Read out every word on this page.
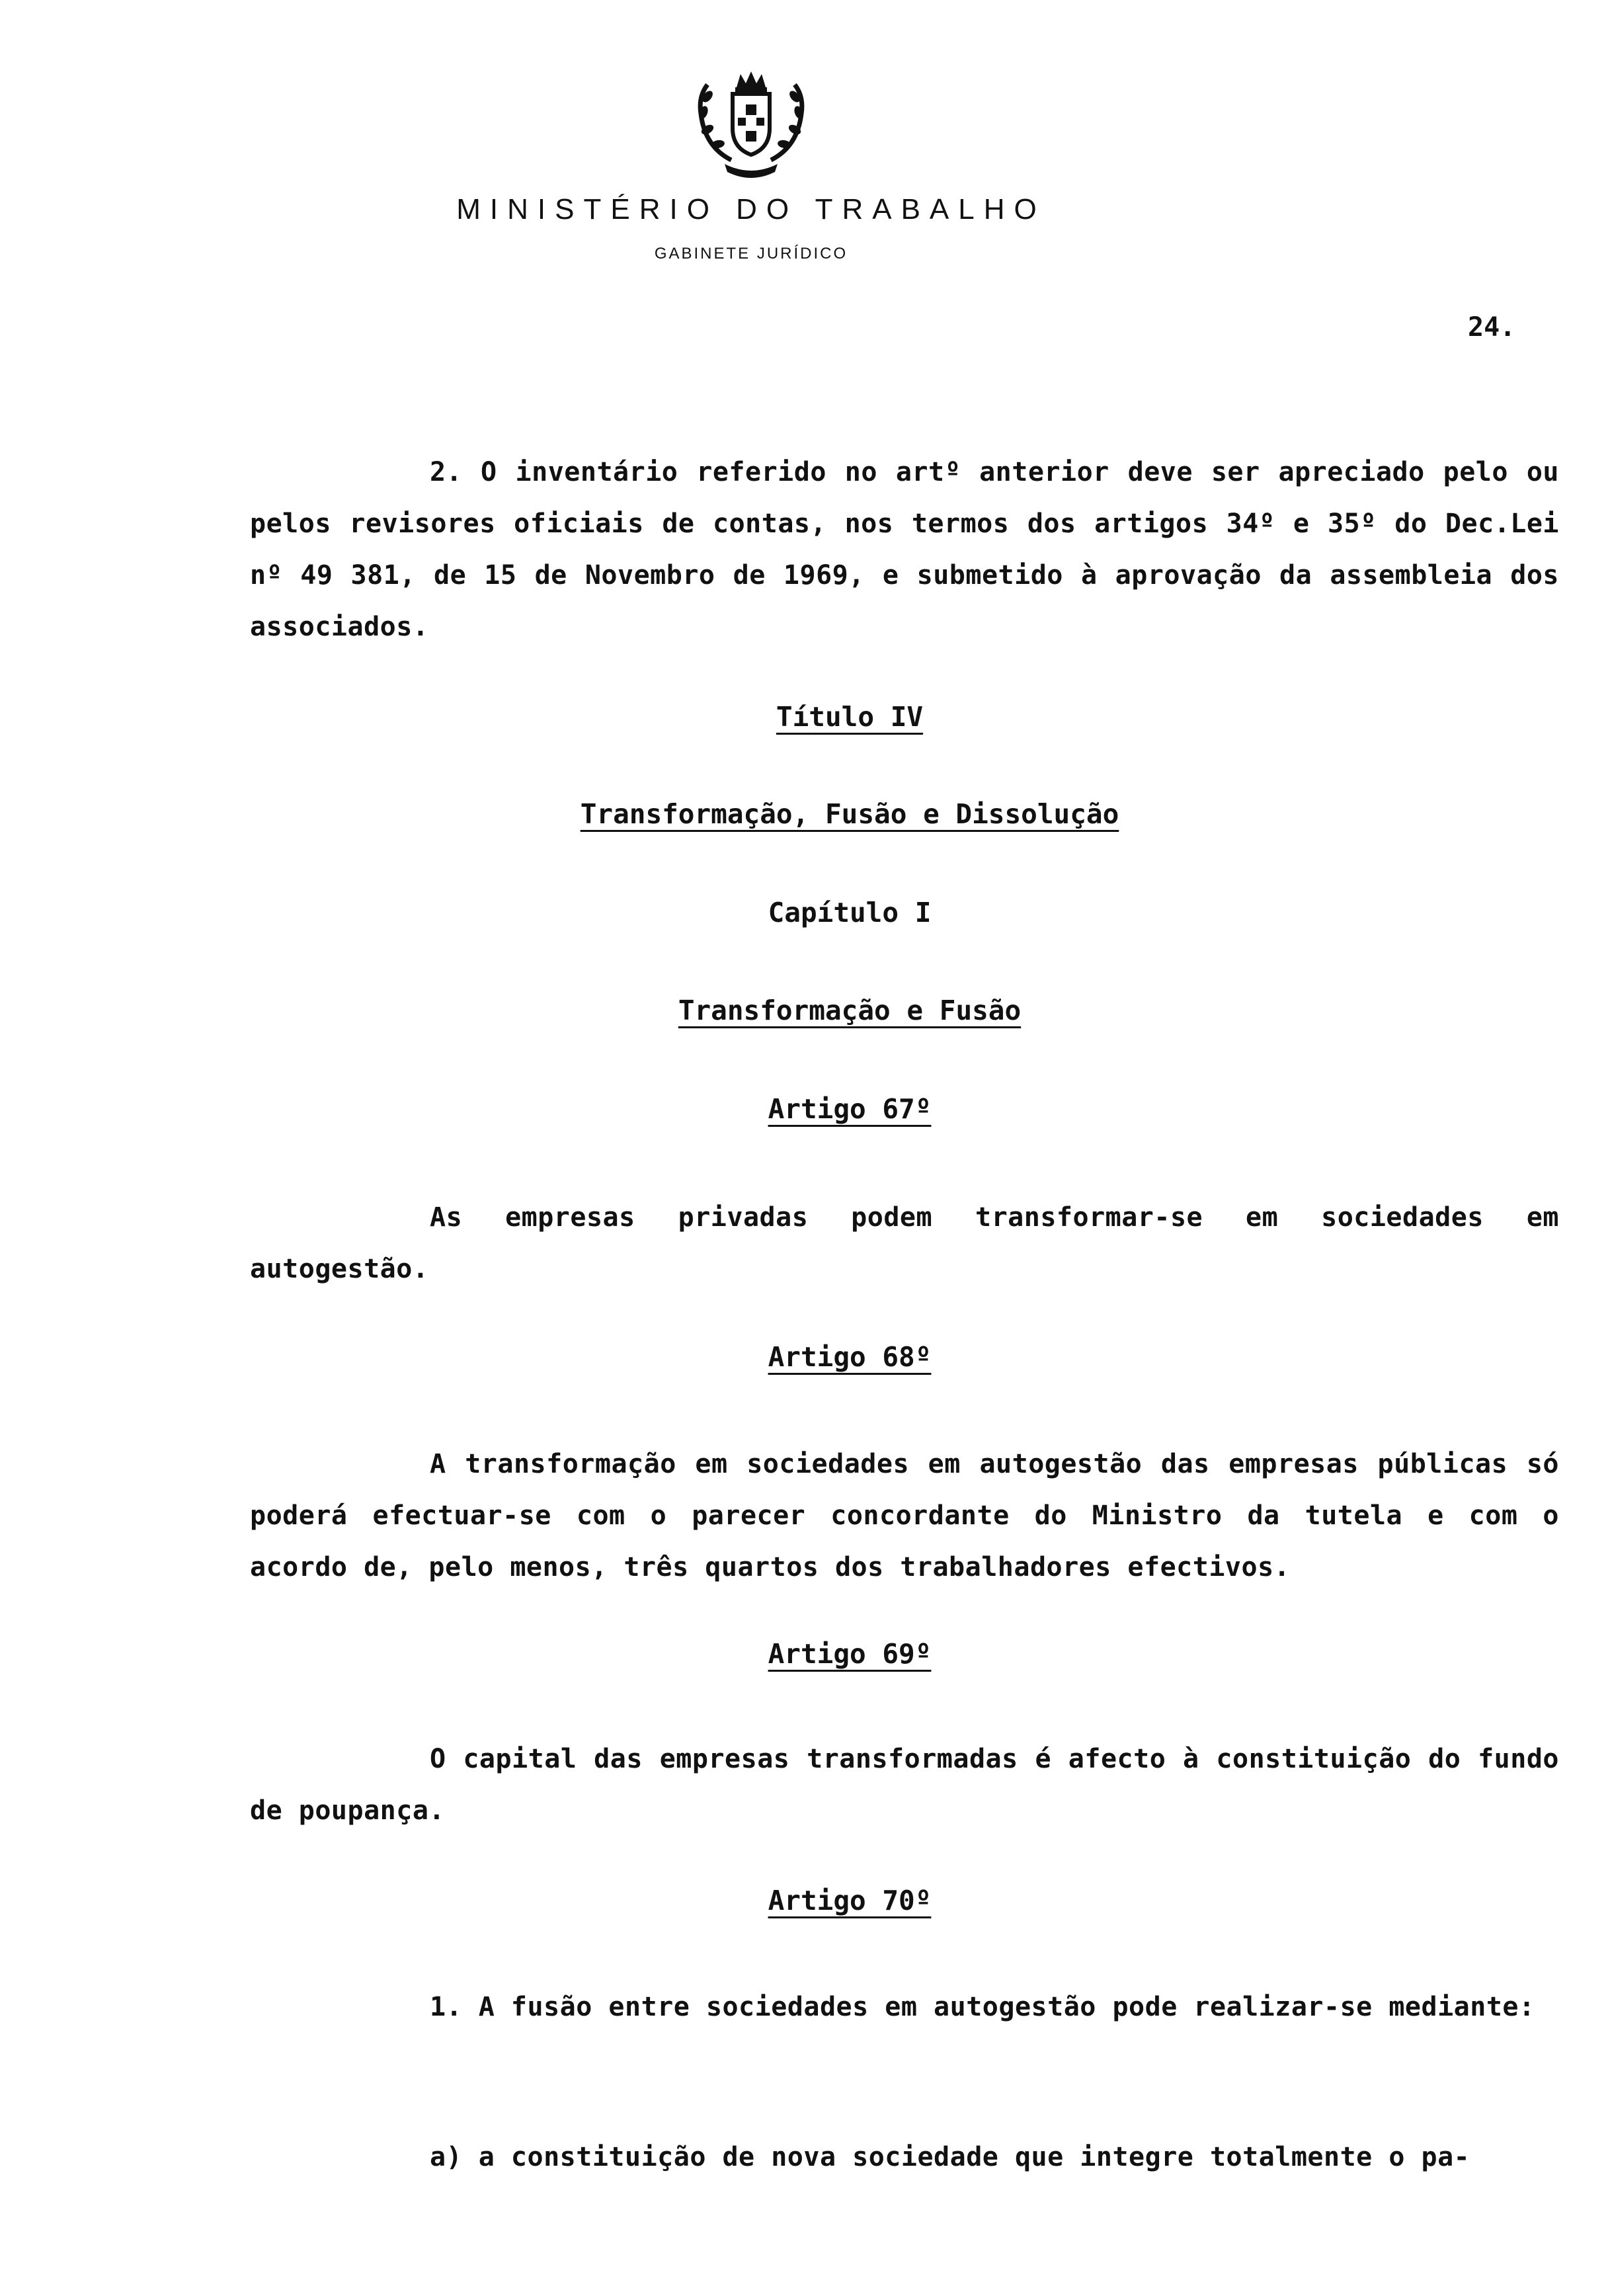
MINISTÉRIO DO TRABALHO
GABINETE JURÍDICO
24.

2. O inventário referido no artº anterior deve ser apreciado pelo ou pelos revisores oficiais de contas, nos termos dos artigos 34º e 35º do Dec.Lei nº 49 381, de 15 de Novembro de 1969, e submetido à aprovação da assembleia dos associados.

Título IV

Transformação, Fusão e Dissolução

Capítulo I

Transformação e Fusão

Artigo 67º

As empresas privadas podem transformar-se em sociedades em autogestão.

Artigo 68º

A transformação em sociedades em autogestão das empresas públicas só poderá efectuar-se com o parecer concordante do Ministro da tutela e com o acordo de, pelo menos, três quartos dos trabalhadores efectivos.

Artigo 69º

O capital das empresas transformadas é afecto à constituição do fundo de poupança.

Artigo 70º

1. A fusão entre sociedades em autogestão pode realizar-se mediante:

a) a constituição de nova sociedade que integre totalmente o pa-
